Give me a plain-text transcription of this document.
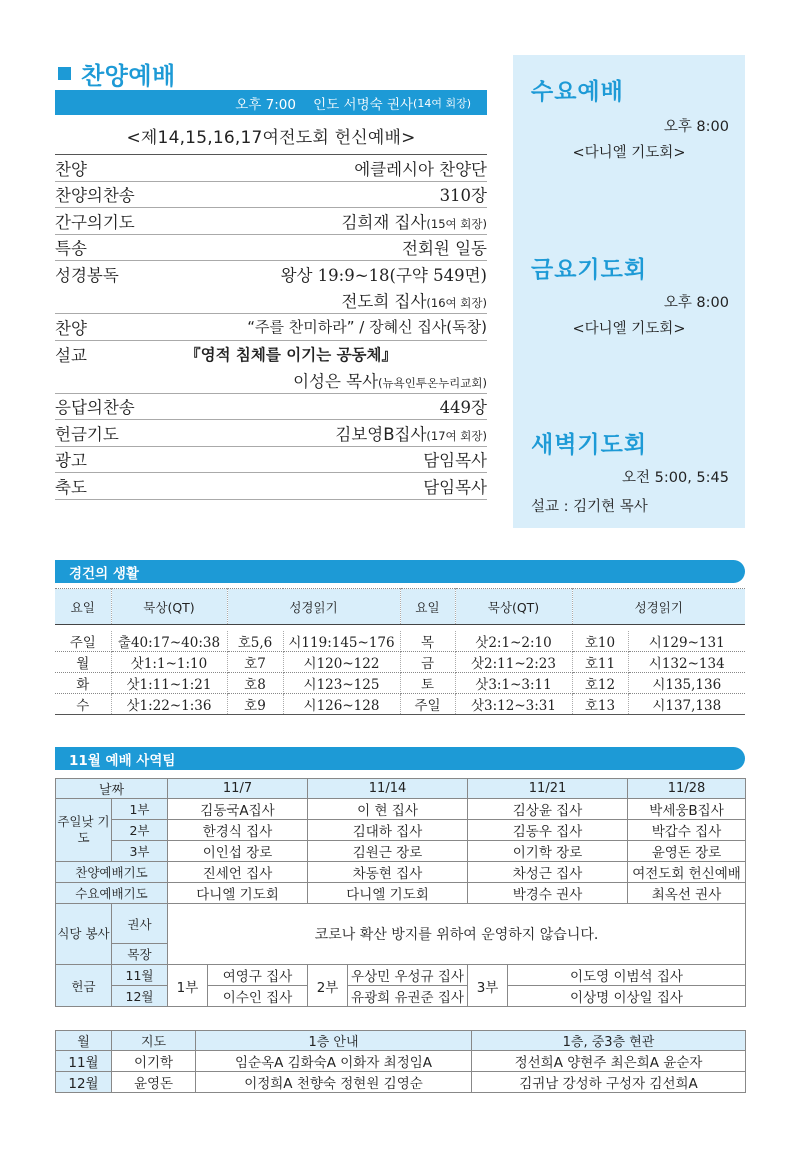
찬양예배
오후 7:00
인도 서명숙 권사 (14여 회장)
<제14,15,16,17여전도회 헌신예배>
찬양	에클레시아 찬양단
찬양의찬송	310장
간구의기도	김희재 집사(15여 회장)
특송	전회원 일동
성경봉독	왕상 19:9~18(구약 549면)
전도희 집사(16여 회장)
찬양	“주를 찬미하라” / 장혜신 집사(독창)
설교	『영적 침체를 이기는 공동체』
이성은 목사(뉴욕인투온누리교회)
응답의찬송	449장
헌금기도	김보영B집사(17여 회장)
광고	담임목사
축도	담임목사
수요예배
오후 8:00
<다니엘 기도회>
금요기도회
오후 8:00
<다니엘 기도회>
새벽기도회
오전 5:00, 5:45
설교 : 김기현 목사
경건의 생활
요일	묵상(QT)	성경읽기		요일	묵상(QT)	성경읽기	

주일	출40:17~40:38	호5,6	시119:145~176	목	삿2:1~2:10	호10	시129~131
월	삿1:1~1:10	호7	시120~122	금	삿2:11~2:23	호11	시132~134
화	삿1:11~1:21	호8	시123~125	토	삿3:1~3:11	호12	시135,136
수	삿1:22~1:36	호9	시126~128	주일	삿3:12~3:31	호13	시137,138
11월 예배 사역팀
날짜		11/7		11/14		11/21		11/28
주일낮 기도	1부	김동국A집사		이 현 집사		김상윤 집사		박세웅B집사
	2부	한경식 집사		김대하 집사		김동우 집사		박갑수 집사
	3부	이인섭 장로		김원근 장로		이기학 장로		윤영돈 장로
찬양예배기도		진세언 집사		차동현 집사		차성근 집사		여전도회 헌신예배
수요예배기도		다니엘 기도회		다니엘 기도회		박경수 권사		최옥선 권사
식당 봉사	권사	코로나 확산 방지를 위하여 운영하지 않습니다.						
	목장							
헌금	11월	1부	여영구 집사	2부	우상민 우성규 집사	3부	이도영 이범석 집사	
	12월		이수인 집사		유광희 유권준 집사		이상명 이상일 집사	
월	지도	1층 안내	1층, 중3층 현관
11월	이기학	임순옥A 김화숙A 이화자 최정임A	정선희A 양현주 최은희A 윤순자
12월	윤영돈	이정희A 천향숙 정현원 김영순	김귀남 강성하 구성자 김선희A
